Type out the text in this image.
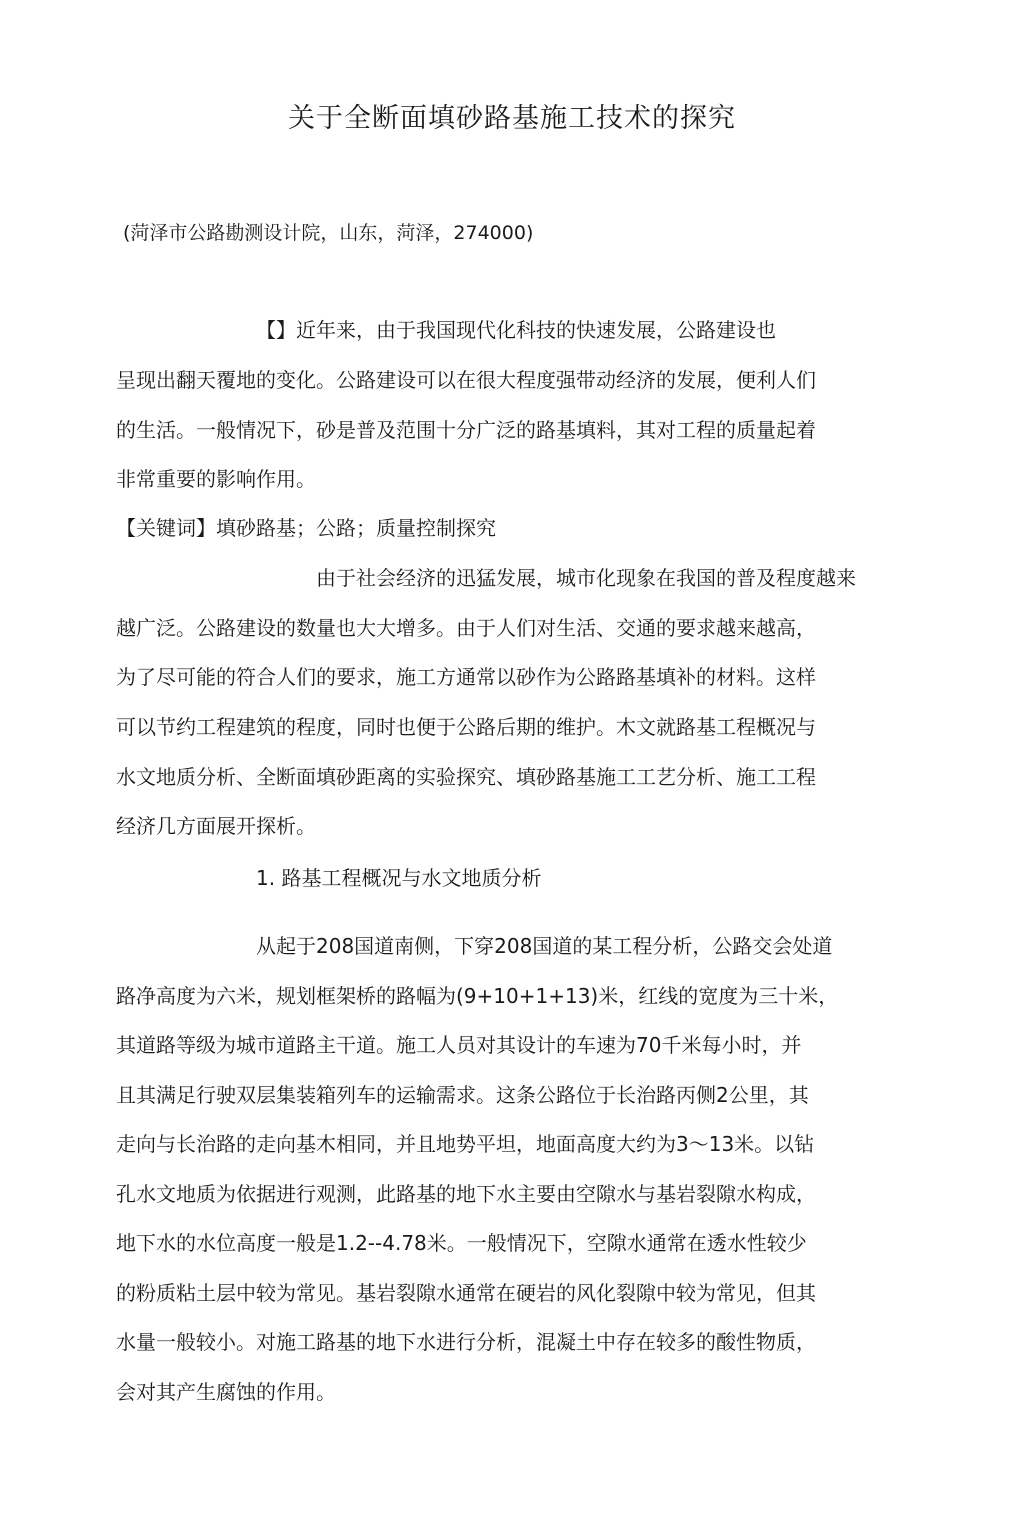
关于全断面填砂路基施工技术的探究

(菏泽市公路勘测设计院，山东，菏泽，274000)

【】近年来，由于我国现代化科技的快速发展，公路建设也

呈现出翻天覆地的变化。公路建设可以在很大程度强带动经济的发展，便利人们

的生活。一般情况下，砂是普及范围十分广泛的路基填料，其对工程的质量起着

非常重要的影响作用。

【关键词】填砂路基；公路；质量控制探究

由于社会经济的迅猛发展，城市化现象在我国的普及程度越来

越广泛。公路建设的数量也大大增多。由于人们对生活、交通的要求越来越高，

为了尽可能的符合人们的要求，施工方通常以砂作为公路路基填补的材料。这样

可以节约工程建筑的程度，同时也便于公路后期的维护。木文就路基工程概况与

水文地质分析、全断面填砂距离的实验探究、填砂路基施工工艺分析、施工工程

经济几方面展开探析。

1. 路基工程概况与水文地质分析

从起于208国道南侧，下穿208国道的某工程分析，公路交会处道

路净高度为六米，规划框架桥的路幅为(9+10+1+13)米，红线的宽度为三十米，

其道路等级为城市道路主干道。施工人员对其设计的车速为70千米每小时，并

且其满足行驶双层集装箱列车的运输需求。这条公路位于长治路丙侧2公里，其

走向与长治路的走向基木相同，并且地势平坦，地面高度大约为3～13米。以钻

孔水文地质为依据进行观测，此路基的地下水主要由空隙水与基岩裂隙水构成，

地下水的水位高度一般是1.2--4.78米。一般情况下，空隙水通常在透水性较少

的粉质粘土层中较为常见。基岩裂隙水通常在硬岩的风化裂隙中较为常见，但其

水量一般较小。对施工路基的地下水进行分析，混凝土中存在较多的酸性物质，

会对其产生腐蚀的作用。
